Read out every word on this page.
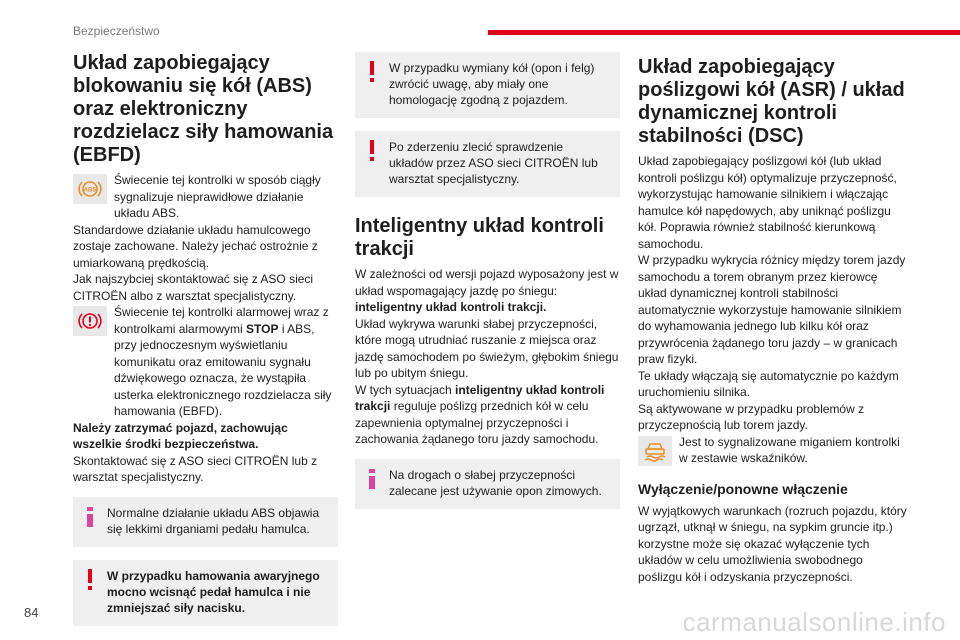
Bezpieczeństwo
Układ zapobiegający blokowaniu się kół (ABS) oraz elektroniczny rozdzielacz siły hamowania (EBFD)
ABS

Świecenie tej kontrolki w sposób ciągły sygnalizuje nieprawidłowe działanie układu ABS.

Standardowe działanie układu hamulcowego zostaje zachowane. Należy jechać ostrożnie z umiarkowaną prędkością.

Jak najszybciej skontaktować się z ASO sieci CITROËN albo z warsztat specjalistyczny.

Świecenie tej kontrolki alarmowej wraz z kontrolkami alarmowymi STOP i ABS, przy jednoczesnym wyświetlaniu komunikatu oraz emitowaniu sygnału dźwiękowego oznacza, że wystąpiła usterka elektronicznego rozdzielacza siły hamowania (EBFD).

Należy zatrzymać pojazd, zachowując wszelkie środki bezpieczeństwa.

Skontaktować się z ASO sieci CITROËN lub z warsztat specjalistyczny.

Normalne działanie układu ABS objawia się lekkimi drganiami pedału hamulca.

W przypadku hamowania awaryjnego mocno wcisnąć pedał hamulca i nie zmniejszać siły nacisku.

W przypadku wymiany kół (opon i felg) zwrócić uwagę, aby miały one homologację zgodną z pojazdem.

Po zderzeniu zlecić sprawdzenie układów przez ASO sieci CITROËN lub warsztat specjalistyczny.

Inteligentny układ kontroli trakcji

W zależności od wersji pojazd wyposażony jest w układ wspomagający jazdę po śniegu: inteligentny układ kontroli trakcji.

Układ wykrywa warunki słabej przyczepności, które mogą utrudniać ruszanie z miejsca oraz jazdę samochodem po świeżym, głębokim śniegu lub po ubitym śniegu.

W tych sytuacjach inteligentny układ kontroli trakcji reguluje poślizg przednich kół w celu zapewnienia optymalnej przyczepności i zachowania żądanego toru jazdy samochodu.

Na drogach o słabej przyczepności zalecane jest używanie opon zimowych.

Układ zapobiegający poślizgowi kół (ASR) / układ dynamicznej kontroli stabilności (DSC)

Układ zapobiegający poślizgowi kół (lub układ kontroli poślizgu kół) optymalizuje przyczepność, wykorzystując hamowanie silnikiem i włączając hamulce kół napędowych, aby uniknąć poślizgu kół. Poprawia również stabilność kierunkową samochodu.

W przypadku wykrycia różnicy między torem jazdy samochodu a torem obranym przez kierowcę układ dynamicznej kontroli stabilności automatycznie wykorzystuje hamowanie silnikiem do wyhamowania jednego lub kilku kół oraz przywrócenia żądanego toru jazdy – w granicach praw fizyki.

Te układy włączają się automatycznie po każdym uruchomieniu silnika.

Są aktywowane w przypadku problemów z przyczepnością lub torem jazdy.

Jest to sygnalizowane miganiem kontrolki w zestawie wskaźników.

Wyłączenie/ponowne włączenie

W wyjątkowych warunkach (rozruch pojazdu, który ugrzązł, utknął w śniegu, na sypkim gruncie itp.) korzystne może się okazać wyłączenie tych układów w celu umożliwienia swobodnego poślizgu kół i odzyskania przyczepności.

84	carmanualsonline.info
